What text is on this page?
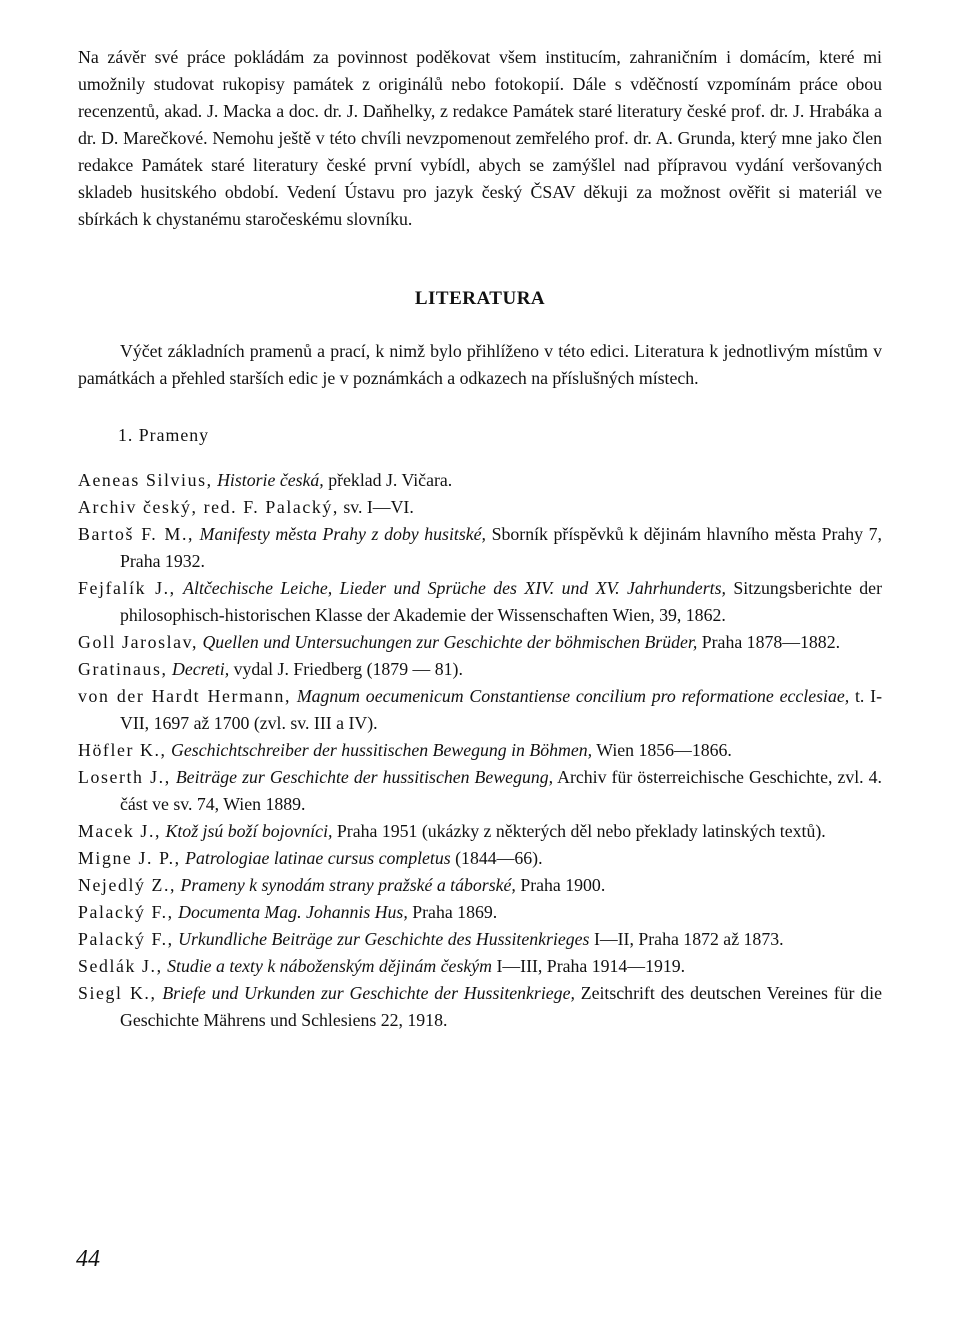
Na závěr své práce pokládám za povinnost poděkovat všem institucím, zahraničním i domácím, které mi umožnily studovat rukopisy památek z originálů nebo fotokopií. Dále s vděčností vzpomínám práce obou recenzentů, akad. J. Macka a doc. dr. J. Daňhelky, z redakce Památek staré literatury české prof. dr. J. Hrabáka a dr. D. Marečkové. Nemohu ještě v této chvíli nevzpomenout zemřelého prof. dr. A. Grunda, který mne jako člen redakce Památek staré literatury české první vybídl, abych se zamýšlel nad přípravou vydání veršovaných skladeb husitského období. Vedení Ústavu pro jazyk český ČSAV děkuji za možnost ověřit si materiál ve sbírkách k chystanému staročeskému slovníku.

LITERATURA

Výčet základních pramenů a prací, k nimž bylo přihlíženo v této edici. Literatura k jednotlivým místům v památkách a přehled starších edic je v poznámkách a odkazech na příslušných místech.

1. Prameny
Aeneas Silvius, Historie česká, překlad J. Vičara.
Archiv český, red. F. Palacký, sv. I—VI.
Bartoš F. M., Manifesty města Prahy z doby husitské, Sborník příspěvků k dějinám hlavního města Prahy 7, Praha 1932.
Fejfalík J., Altčechische Leiche, Lieder und Sprüche des XIV. und XV. Jahrhunderts, Sitzungsberichte der philosophisch-historischen Klasse der Akademie der Wissenschaften Wien, 39, 1862.
Goll Jaroslav, Quellen und Untersuchungen zur Geschichte der böhmischen Brüder, Praha 1878—1882.
Gratinaus, Decreti, vydal J. Friedberg (1879 — 81).
von der Hardt Hermann, Magnum oecumenicum Constantiense concilium pro reformatione ecclesiae, t. I-VII, 1697 až 1700 (zvl. sv. III a IV).
Höfler K., Geschichtschreiber der hussitischen Bewegung in Böhmen, Wien 1856—1866.
Loserth J., Beiträge zur Geschichte der hussitischen Bewegung, Archiv für österreichische Geschichte, zvl. 4. část ve sv. 74, Wien 1889.
Macek J., Ktož jsú boží bojovníci, Praha 1951 (ukázky z některých děl nebo překlady latinských textů).
Migne J. P., Patrologiae latinae cursus completus (1844—66).
Nejedlý Z., Prameny k synodám strany pražské a táborské, Praha 1900.
Palacký F., Documenta Mag. Johannis Hus, Praha 1869.
Palacký F., Urkundliche Beiträge zur Geschichte des Hussitenkrieges I—II, Praha 1872 až 1873.
Sedlák J., Studie a texty k náboženským dějinám českým I—III, Praha 1914—1919.
Siegl K., Briefe und Urkunden zur Geschichte der Hussitenkriege, Zeitschrift des deutschen Vereines für die Geschichte Mährens und Schlesiens 22, 1918.
44
